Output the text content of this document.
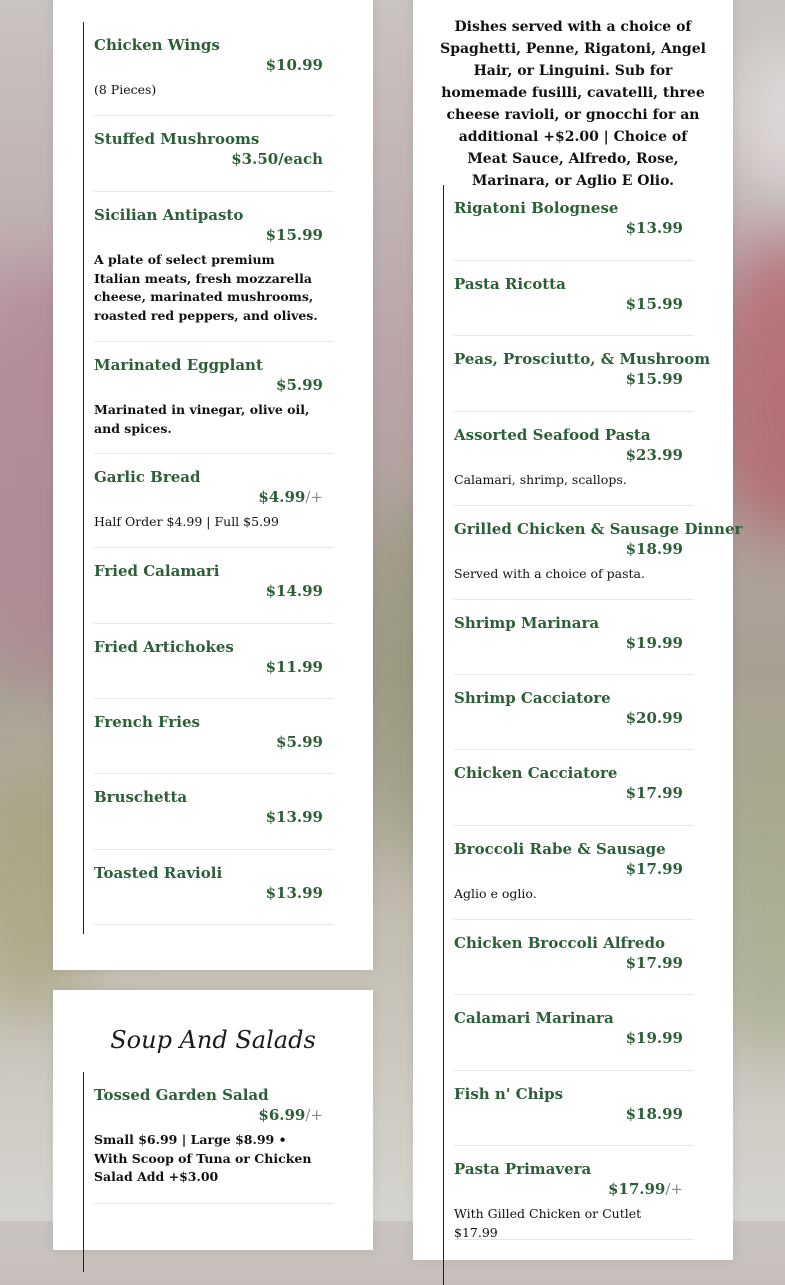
Chicken Wings
$10.99
(8 Pieces)
Stuffed Mushrooms
$3.50/each
Sicilian Antipasto
$15.99
A plate of select premium Italian meats, fresh mozzarella cheese, marinated mushrooms, roasted red peppers, and olives.
Marinated Eggplant
$5.99
Marinated in vinegar, olive oil, and spices.
Garlic Bread
$4.99/+
Half Order $4.99 | Full $5.99
Fried Calamari
$14.99
Fried Artichokes
$11.99
French Fries
$5.99
Bruschetta
$13.99
Toasted Ravioli
$13.99
Soup And Salads
Tossed Garden Salad
$6.99/+
Small $6.99 | Large $8.99 • With Scoop of Tuna or Chicken Salad Add +$3.00
Dishes served with a choice of Spaghetti, Penne, Rigatoni, Angel Hair, or Linguini. Sub for homemade fusilli, cavatelli, three cheese ravioli, or gnocchi for an additional +$2.00 | Choice of Meat Sauce, Alfredo, Rose, Marinara, or Aglio E Olio.
Rigatoni Bolognese
$13.99
Pasta Ricotta
$15.99
Peas, Prosciutto, & Mushroom
$15.99
Assorted Seafood Pasta
$23.99
Calamari, shrimp, scallops.
Grilled Chicken & Sausage Dinner
$18.99
Served with a choice of pasta.
Shrimp Marinara
$19.99
Shrimp Cacciatore
$20.99
Chicken Cacciatore
$17.99
Broccoli Rabe & Sausage
$17.99
Aglio e oglio.
Chicken Broccoli Alfredo
$17.99
Calamari Marinara
$19.99
Fish n' Chips
$18.99
Pasta Primavera
$17.99/+
With Gilled Chicken or Cutlet $17.99
